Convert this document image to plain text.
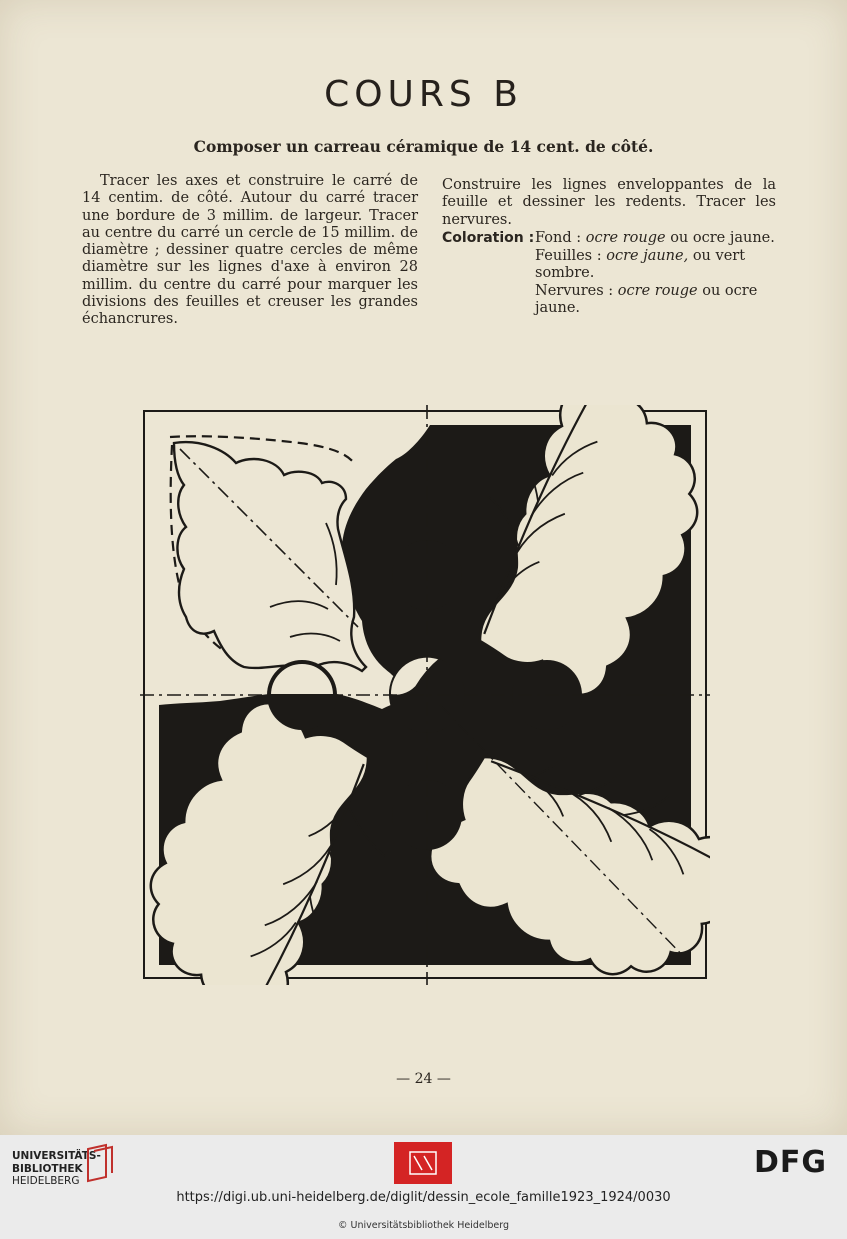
COURS B

Composer un carreau céramique de 14 cent. de côté.

Tracer les axes et construire le carré de 14 centim. de côté. Autour du carré tracer une bordure de 3 millim. de largeur. Tracer au centre du carré un cercle de 15 millim. de diamètre ; dessiner quatre cercles de même diamètre sur les lignes d'axe à environ 28 millim. du centre du carré pour marquer les divisions des feuilles et creuser les grandes échancrures.

Construire les lignes enveloppantes de la feuille et dessiner les redents. Tracer les nervures.

Coloration : Fond : ocre rouge ou ocre jaune.
Feuilles : ocre jaune, ou vert sombre.
Nervures : ocre rouge ou ocre jaune.

— 24 —

UNIVERSITÄTS-
BIBLIOTHEK
HEIDELBERG
DFG
https://digi.ub.uni-heidelberg.de/diglit/dessin_ecole_famille1923_1924/0030
© Universitätsbibliothek Heidelberg
